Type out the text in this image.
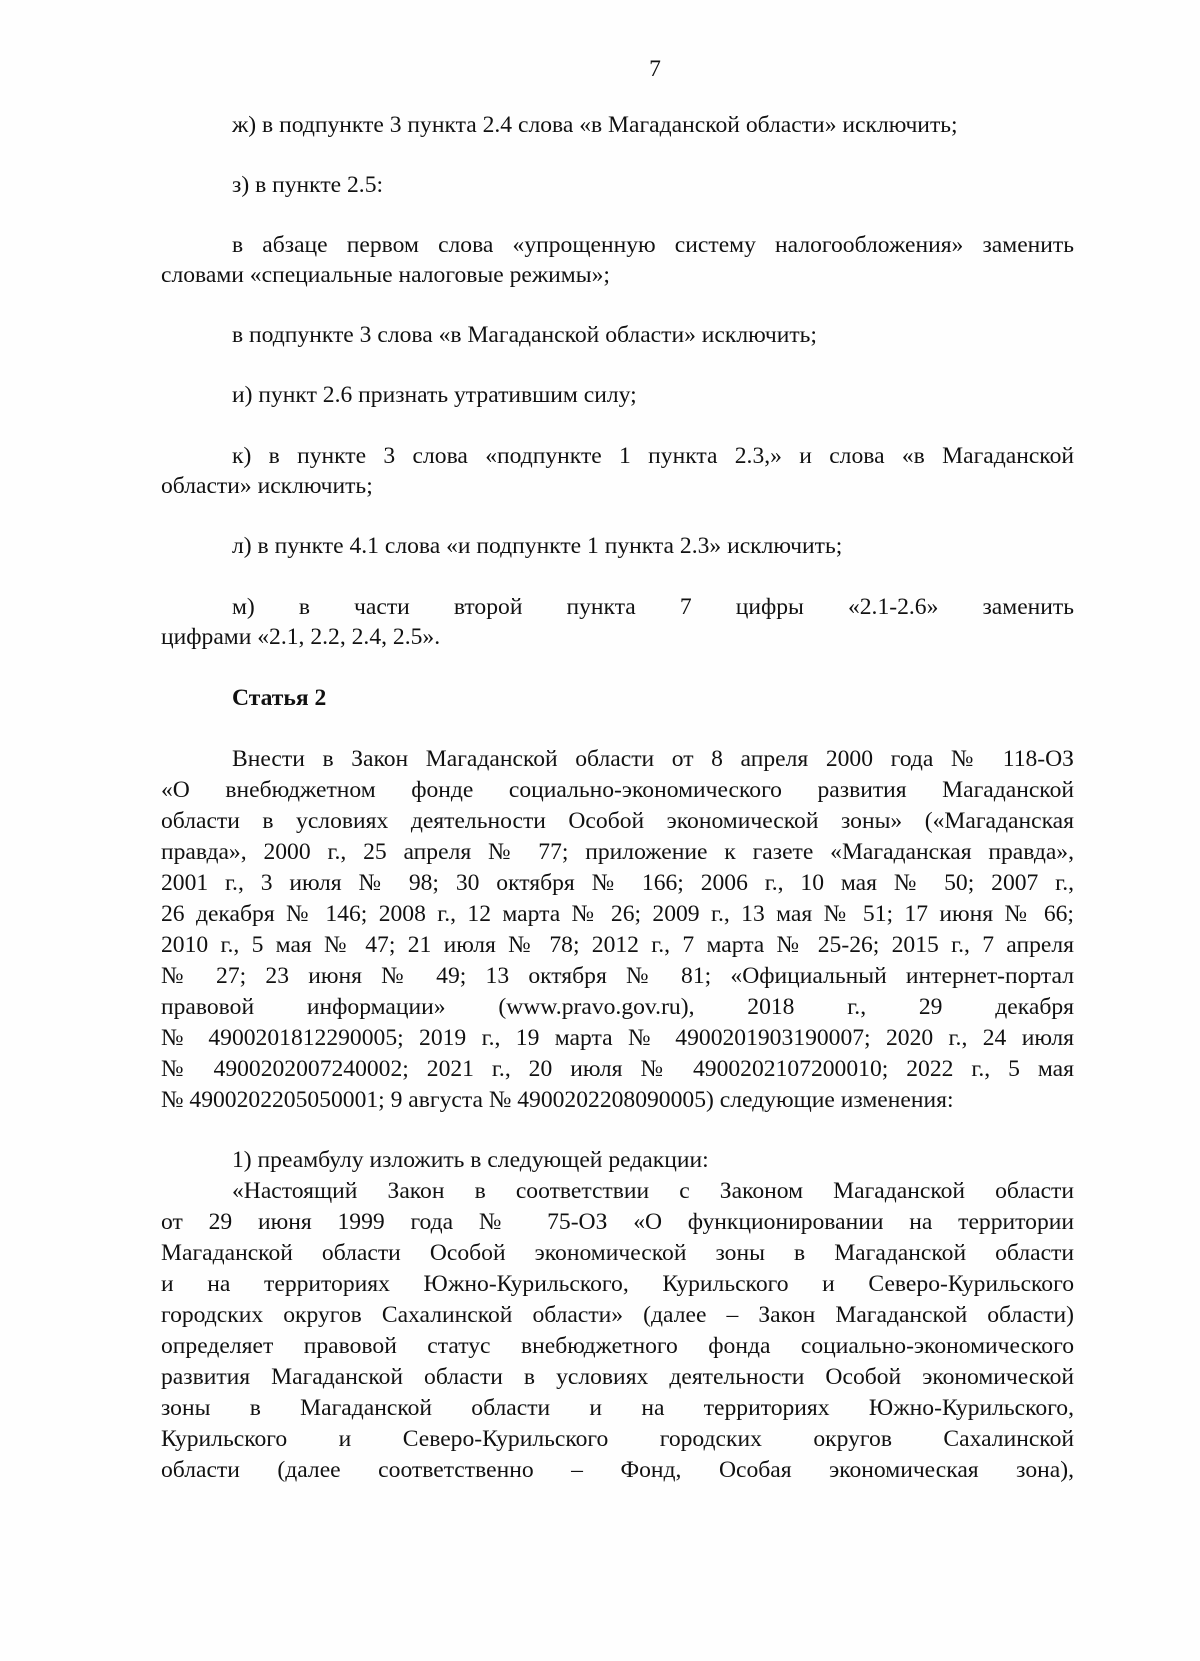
7
ж) в подпункте 3 пункта 2.4 слова «в Магаданской области» исключить;
з) в пункте 2.5:
в абзаце первом слова «упрощенную систему налогообложения» заменить
словами «специальные налоговые режимы»;
в подпункте 3 слова «в Магаданской области» исключить;
и) пункт 2.6 признать утратившим силу;
к) в пункте 3 слова «подпункте 1 пункта 2.3,» и слова «в Магаданской
области» исключить;
л) в пункте 4.1 слова «и подпункте 1 пункта 2.3» исключить;
м) в части второй пункта 7 цифры «2.1-2.6» заменить
цифрами «2.1, 2.2, 2.4, 2.5».
Статья 2
Внести в Закон Магаданской области от 8 апреля 2000 года № 118-ОЗ
«О внебюджетном фонде социально-экономического развития Магаданской
области в условиях деятельности Особой экономической зоны» («Магаданская
правда», 2000 г., 25 апреля № 77; приложение к газете «Магаданская правда»,
2001 г., 3 июля № 98; 30 октября № 166; 2006 г., 10 мая № 50; 2007 г.,
26 декабря № 146; 2008 г., 12 марта № 26; 2009 г., 13 мая № 51; 17 июня № 66;
2010 г., 5 мая № 47; 21 июля № 78; 2012 г., 7 марта № 25-26; 2015 г., 7 апреля
№ 27; 23 июня № 49; 13 октября № 81; «Официальный интернет-портал
правовой информации» (www.pravo.gov.ru), 2018 г., 29 декабря
№ 4900201812290005; 2019 г., 19 марта № 4900201903190007; 2020 г., 24 июля
№ 4900202007240002; 2021 г., 20 июля № 4900202107200010; 2022 г., 5 мая
№ 4900202205050001; 9 августа № 4900202208090005) следующие изменения:
1) преамбулу изложить в следующей редакции:
«Настоящий Закон в соответствии с Законом Магаданской области
от 29 июня 1999 года № 75-ОЗ «О функционировании на территории
Магаданской области Особой экономической зоны в Магаданской области
и на территориях Южно-Курильского, Курильского и Северо-Курильского
городских округов Сахалинской области» (далее – Закон Магаданской области)
определяет правовой статус внебюджетного фонда социально-экономического
развития Магаданской области в условиях деятельности Особой экономической
зоны в Магаданской области и на территориях Южно-Курильского,
Курильского и Северо-Курильского городских округов Сахалинской
области (далее соответственно – Фонд, Особая экономическая зона),
